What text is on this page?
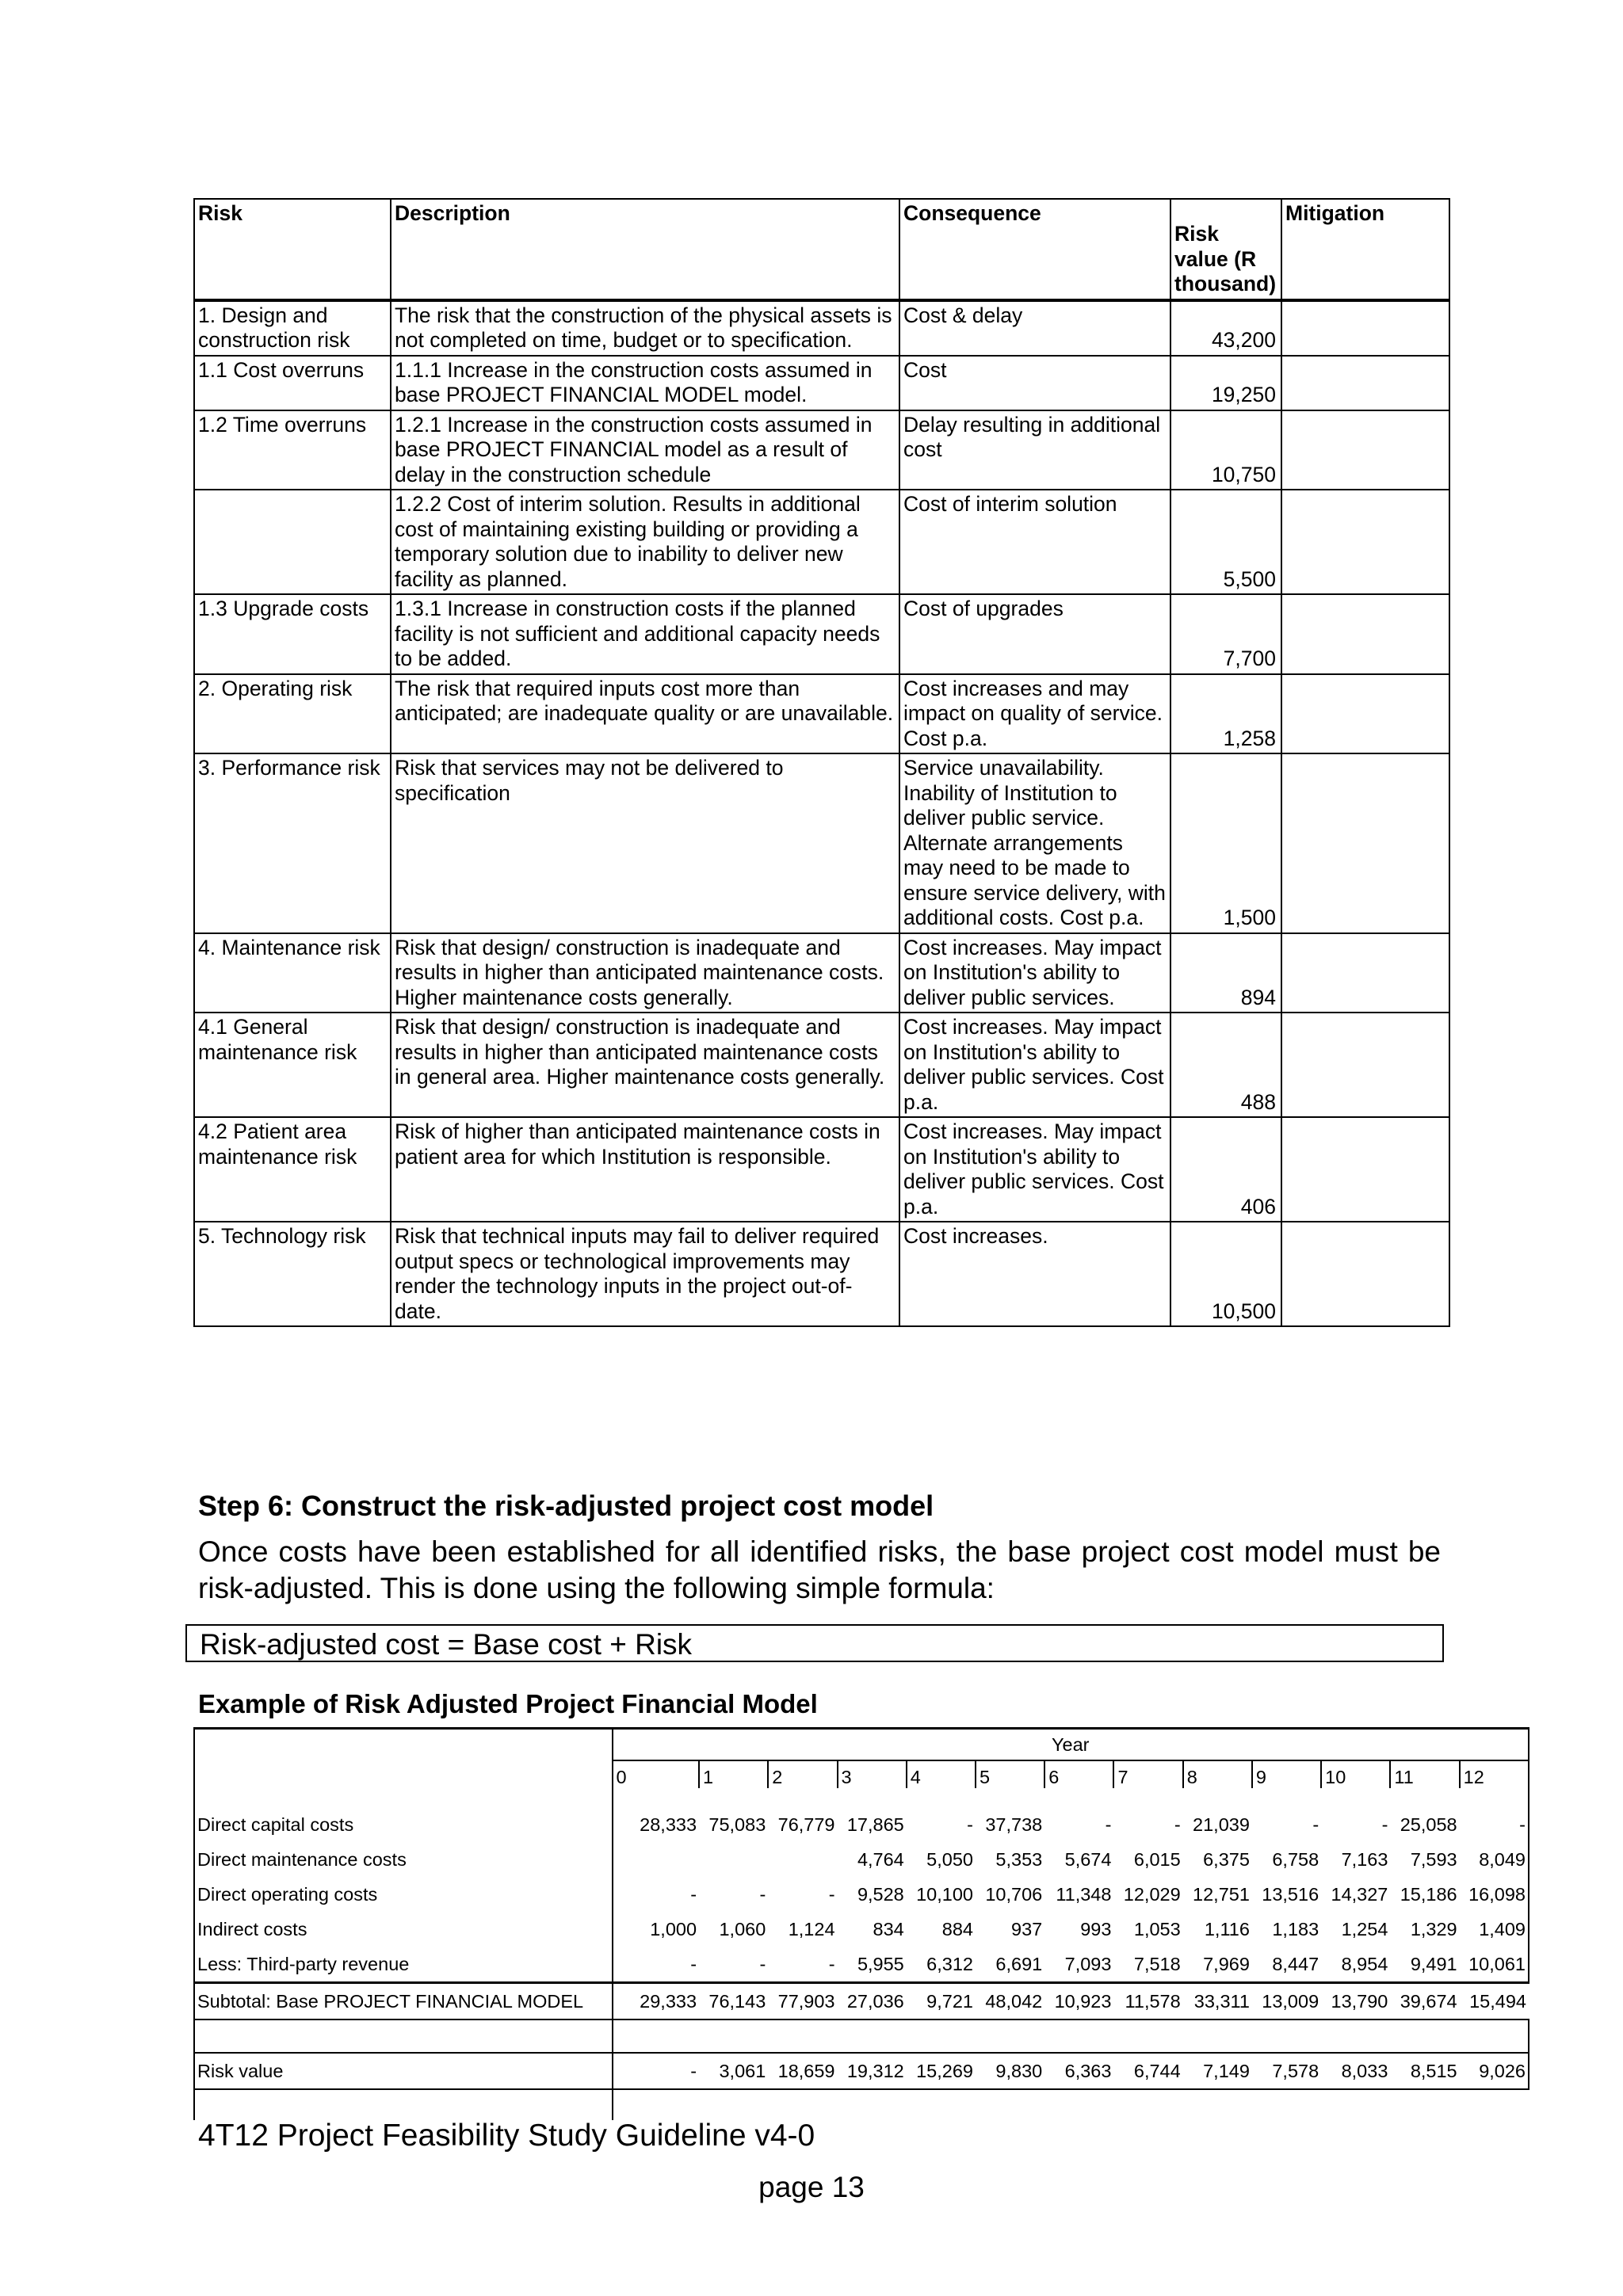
Risk	Description	Consequence	Risk value (R thousand)	Mitigation
1. Design and construction risk	The risk that the construction of the physical assets is not completed on time, budget or to specification.	Cost & delay	43,200	
1.1 Cost overruns	1.1.1 Increase in the construction costs assumed in base PROJECT FINANCIAL MODEL model.	Cost	19,250	
1.2 Time overruns	1.2.1 Increase in the construction costs assumed in base PROJECT FINANCIAL model as a result of delay in the construction schedule	Delay resulting in additional cost	10,750	
	1.2.2 Cost of interim solution. Results in additional cost of maintaining existing building or providing a temporary solution due to inability to deliver new facility as planned.	Cost of interim solution	5,500	
1.3 Upgrade costs	1.3.1 Increase in construction costs if the planned facility is not sufficient and additional capacity needs to be added.	Cost of upgrades	7,700	
2. Operating risk	The risk that required inputs cost more than anticipated; are inadequate quality or are unavailable.	Cost increases and may impact on quality of service. Cost p.a.	1,258	
3. Performance risk	Risk that services may not be delivered to specification	Service unavailability. Inability of Institution to deliver public service. Alternate arrangements may need to be made to ensure service delivery, with additional costs. Cost p.a.	1,500	
4. Maintenance risk	Risk that design/ construction is inadequate and results in higher than anticipated maintenance costs. Higher maintenance costs generally.	Cost increases. May impact on Institution's ability to deliver public services.	894	
4.1 General maintenance risk	Risk that design/ construction is inadequate and results in higher than anticipated maintenance costs in general area. Higher maintenance costs generally.	Cost increases. May impact on Institution's ability to deliver public services. Cost p.a.	488	
4.2 Patient area maintenance risk	Risk of higher than anticipated maintenance costs in patient area for which Institution is responsible.	Cost increases. May impact on Institution's ability to deliver public services. Cost p.a.	406	
5. Technology risk	Risk that technical inputs may fail to deliver required output specs or technological improvements may render the technology inputs in the project out-of-date.	Cost increases.	10,500	
Step 6: Construct the risk-adjusted project cost model
Once costs have been established for all identified risks, the base project cost model must be risk-adjusted. This is done using the following simple formula:
Risk-adjusted cost = Base cost + Risk
Example of Risk Adjusted Project Financial Model
	Year												
	0	1	2	3	4	5	6	7	8	9	10	11	12

Direct capital costs	28,333	75,083	76,779	17,865	-	37,738	-	-	21,039	-	-	25,058	-
Direct maintenance costs				4,764	5,050	5,353	5,674	6,015	6,375	6,758	7,163	7,593	8,049
Direct operating costs	-	-	-	9,528	10,100	10,706	11,348	12,029	12,751	13,516	14,327	15,186	16,098
Indirect costs	1,000	1,060	1,124	834	884	937	993	1,053	1,116	1,183	1,254	1,329	1,409
Less: Third-party revenue	-	-	-	5,955	6,312	6,691	7,093	7,518	7,969	8,447	8,954	9,491	10,061
Subtotal: Base PROJECT FINANCIAL MODEL	29,333	76,143	77,903	27,036	9,721	48,042	10,923	11,578	33,311	13,009	13,790	39,674	15,494

Risk value	-	3,061	18,659	19,312	15,269	9,830	6,363	6,744	7,149	7,578	8,033	8,515	9,026

4T12 Project Feasibility Study Guideline v4-0
page 13
